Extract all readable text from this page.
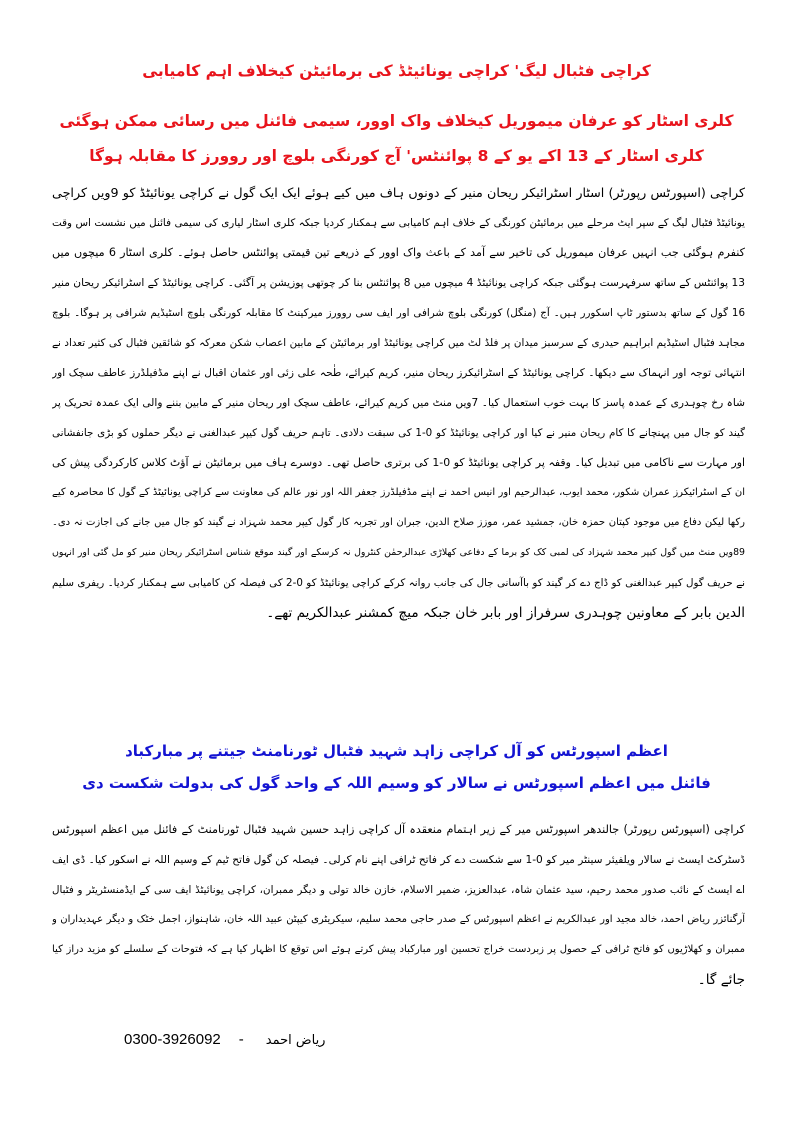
کراچی فٹبال لیگ' کراچی یونائیٹڈ کی برمائیٹن کیخلاف اہم کامیابی
کلری اسٹار کو عرفان میموریل کیخلاف واک اوور، سیمی فائنل میں رسائی ممکن ہوگئی
کلری اسٹار کے 13 اکے یو کے 8 پوائنٹس' آج کورنگی بلوچ اور روورز کا مقابلہ ہوگا
کراچی (اسپورٹس رپورٹر) اسٹار اسٹرائیکر ریحان منیر کے دونوں ہاف میں کیے ہوئے ایک ایک گول نے کراچی یونائیٹڈ کو 9ویں کراچی
یونائیٹڈ فٹبال لیگ کے سپر ایٹ مرحلے میں برمائیٹن کورنگی کے خلاف اہم کامیابی سے ہمکنار کردیا جبکہ کلری اسٹار لیاری کی سیمی فائنل میں نشست اس وقت
کنفرم ہوگئی جب انہیں عرفان میموریل کی تاخیر سے آمد کے باعث واک اوور کے ذریعے تین قیمتی پوائنٹس حاصل ہوئے۔ کلری اسٹار 6 میچوں میں
13 پوائنٹس کے ساتھ سرفہرست ہوگئی جبکہ کراچی یونائیٹڈ 4 میچوں میں 8 پوائنٹس بنا کر چوتھی پوزیشن پر آگئی۔ کراچی یونائیٹڈ کے اسٹرائیکر ریحان منیر
16 گول کے ساتھ بدستور ٹاپ اسکورر ہیں۔ آج (منگل) کورنگی بلوچ شرافی اور ایف سی روورز میرکینٹ کا مقابلہ کورنگی بلوچ اسٹیڈیم شرافی پر ہوگا۔ بلوچ
مجاہد فٹبال اسٹیڈیم ابراہیم حیدری کے سرسبز میدان پر فلڈ لٹ میں کراچی یونائیٹڈ اور برمائیٹن کے مابین اعصاب شکن معرکہ کو شائقین فٹبال کی کثیر تعداد نے
انتہائی توجہ اور انہماک سے دیکھا۔ کراچی یونائیٹڈ کے اسٹرائیکرز ریحان منیر، کریم کیرائے، طٰحہ علی زئی اور عثمان اقبال نے اپنے مڈفیلڈرز عاطف سچک اور
شاہ رخ چوہدری کے عمدہ پاسز کا بہت خوب استعمال کیا۔ 7ویں منٹ میں کریم کیرائے، عاطف سچک اور ریحان منیر کے مابین بننے والی ایک عمدہ تحریک پر
گیند کو جال میں پہنچانے کا کام ریحان منیر نے کیا اور کراچی یونائیٹڈ کو 0-1 کی سبقت دلادی۔ تاہم حریف گول کیپر عبدالغنی نے دیگر حملوں کو بڑی جانفشانی
اور مہارت سے ناکامی میں تبدیل کیا۔ وقفہ پر کراچی یونائیٹڈ کو 0-1 کی برتری حاصل تھی۔ دوسرے ہاف میں برمائیٹن نے آؤٹ کلاس کارکردگی پیش کی
ان کے اسٹرائیکرز عمران شکور، محمد ایوب، عبدالرحیم اور انیس احمد نے اپنے مڈفیلڈرز جعفر اللہ اور نور عالم کی معاونت سے کراچی یونائیٹڈ کے گول کا محاصرہ کیے
رکھا لیکن دفاع میں موجود کپتان حمزہ خان، جمشید عمر، موزز صلاح الدین، جبران اور تجربہ کار گول کیپر محمد شہزاد نے گیند کو جال میں جانے کی اجازت نہ دی۔
89ویں منٹ میں گول کیپر محمد شہزاد کی لمبی کک کو برما کے دفاعی کھلاڑی عبدالرحمٰن کنٹرول نہ کرسکے اور گیند موقع شناس اسٹرائیکر ریحان منیر کو مل گئی اور انہوں
نے حریف گول کیپر عبدالغنی کو ڈاج دے کر گیند کو باآسانی جال کی جانب روانہ کرکے کراچی یونائیٹڈ کو 0-2 کی فیصلہ کن کامیابی سے ہمکنار کردیا۔ ریفری سلیم
الدین بابر کے معاونین چوہدری سرفراز اور بابر خان جبکہ میچ کمشنر عبدالکریم تھے۔
اعظم اسپورٹس کو آل کراچی زاہد شہید فٹبال ٹورنامنٹ جیتنے پر مبارکباد
فائنل میں اعظم اسپورٹس نے سالار کو وسیم اللہ کے واحد گول کی بدولت شکست دی
کراچی (اسپورٹس رپورٹر) جالندھر اسپورٹس میر کے زیر اہتمام منعقدہ آل کراچی زاہد حسین شہید فٹبال ٹورنامنٹ کے فائنل میں اعظم اسپورٹس
ڈسٹرکٹ ایسٹ نے سالار ویلفیئر سینٹر میر کو 0-1 سے شکست دے کر فاتح ٹرافی اپنے نام کرلی۔ فیصلہ کن گول فاتح ٹیم کے وسیم اللہ نے اسکور کیا۔ ڈی ایف
اے ایسٹ کے نائب صدور محمد رحیم، سید عثمان شاہ، عبدالعزیز، ضمیر الاسلام، خازن خالد تولی و دیگر ممبران، کراچی یونائیٹڈ ایف سی کے ایڈمنسٹریٹر و فٹبال
آرگنائزر ریاض احمد، خالد مجید اور عبدالکریم نے اعظم اسپورٹس کے صدر حاجی محمد سلیم، سیکریٹری کیپٹن عبید اللہ خان، شاہنواز، اجمل خٹک و دیگر عہدیداران و
ممبران و کھلاڑیوں کو فاتح ٹرافی کے حصول پر زبردست خراج تحسین اور مبارکباد پیش کرتے ہوئے اس توقع کا اظہار کیا ہے کہ فتوحات کے سلسلے کو مزید دراز کیا
جائے گا۔
0300-3926092 - ریاض احمد
